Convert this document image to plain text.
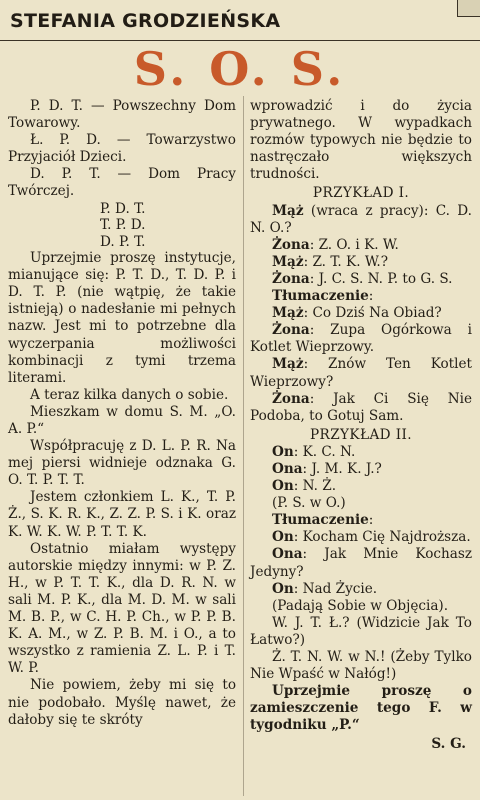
STEFANIA GRODZIEŃSKA
S. O. S.

P. D. T. — Powszechny Dom Towarowy.

Ł. P. D. — Towarzystwo Przyjaciół Dzieci.

D. P. T. — Dom Pracy Twórczej.

P. D. T.

T. P. D.

D. P. T.

Uprzejmie proszę instytucje, mianujące się: P. T. D., T. D. P. i D. T. P. (nie wątpię, że takie istnieją) o nadesłanie mi pełnych nazw. Jest mi to potrzebne dla wyczerpania możliwości kombinacji z tymi trzema literami.

A teraz kilka danych o sobie.

Mieszkam w domu S. M. „O. A. P.“

Współpracuję z D. L. P. R. Na mej piersi widnieje odznaka G. O. T. P. T. T.

Jestem członkiem L. K., T. P. Ż., S. K. R. K., Z. Z. P. S. i K. oraz K. W. K. W. P. T. T. K.

Ostatnio miałam występy autorskie między innymi: w P. Z. H., w P. T. T. K., dla D. R. N. w sali M. P. K., dla M. D. M. w sali M. B. P., w C. H. P. Ch., w P. P. B. K. A. M., w Z. P. B. M. i O., a to wszystko z ramienia Z. L. P. i T. W. P.

Nie powiem, żeby mi się to nie podobało. Myślę nawet, że dałoby się te skróty

wprowadzić i do życia prywatnego. W wypadkach rozmów typowych nie będzie to nastręczało większych trudności.

PRZYKŁAD I.

Mąż (wraca z pracy): C. D. N. O.?

Żona: Z. O. i K. W.

Mąż: Z. T. K. W.?

Żona: J. C. S. N. P. to G. S.

Tłumaczenie:

Mąż: Co Dziś Na Obiad?

Żona: Zupa Ogórkowa i Kotlet Wieprzowy.

Mąż: Znów Ten Kotlet Wieprzowy?

Żona: Jak Ci Się Nie Podoba, to Gotuj Sam.

PRZYKŁAD II.

On: K. C. N.

Ona: J. M. K. J.?

On: N. Ż.

(P. S. w O.)

Tłumaczenie:

On: Kocham Cię Najdroższa.

Ona: Jak Mnie Kochasz Jedyny?

On: Nad Życie.

(Padają Sobie w Objęcia).

W. J. T. Ł.? (Widzicie Jak To Łatwo?)

Ż. T. N. W. w N.! (Żeby Tylko Nie Wpaść w Nałóg!)

Uprzejmie proszę o zamieszczenie tego F. w tygodniku „P.“

S. G.
